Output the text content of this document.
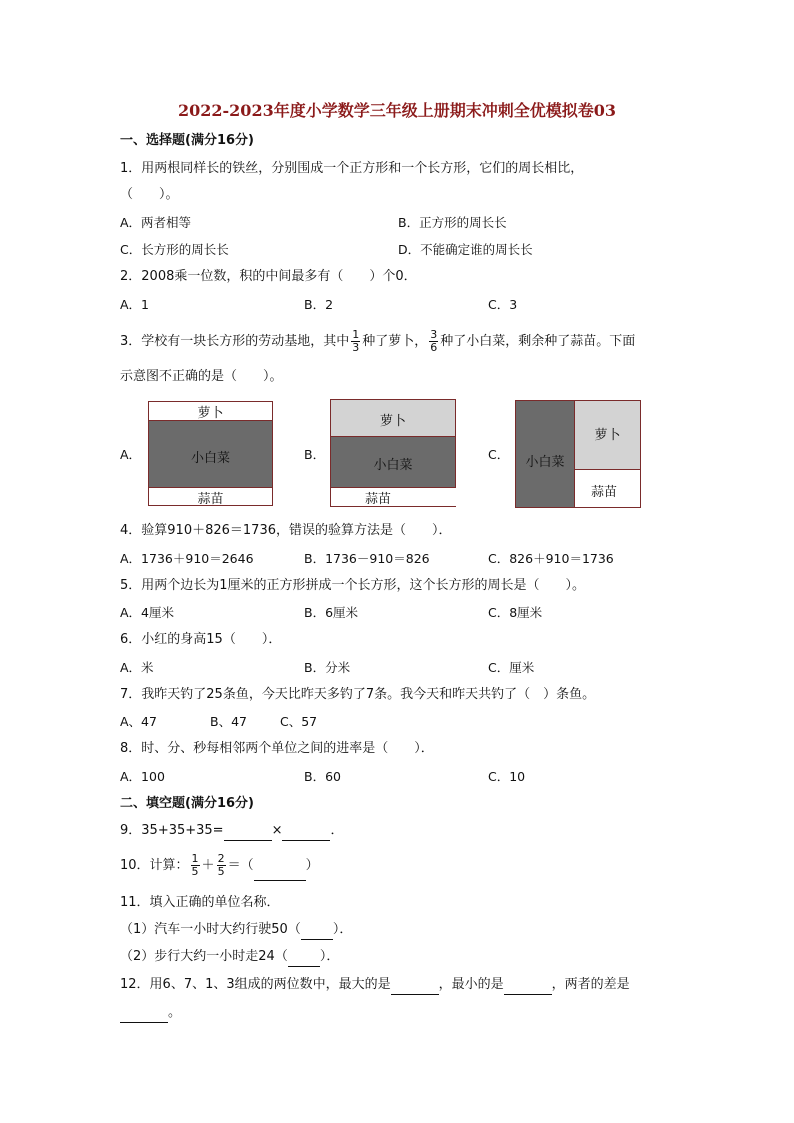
2022-2023年度小学数学三年级上册期末冲刺全优模拟卷03
一、选择题(满分16分)
1．用两根同样长的铁丝，分别围成一个正方形和一个长方形，它们的周长相比，
（　　）。
A．两者相等	B．正方形的周长长
C．长方形的周长长	D．不能确定谁的周长长
2．2008乘一位数，积的中间最多有（　　）个0．
A．1	B．2	C．3
3．学校有一块长方形的劳动基地，其中 $\frac{1}{3}$ 种了萝卜， $\frac{3}{6}$ 种了小白菜，剩余种了蒜苗。下面
示意图不正确的是（　　）。
A．	B．	C．
萝卜
小白菜
蒜苗
萝卜
小白菜
蒜苗
小白菜
萝卜
蒜苗
4．验算910＋826＝1736，错误的验算方法是（　　）．
A．1736＋910＝2646	B．1736－910＝826	C．826＋910＝1736
5．用两个边长为1厘米的正方形拼成一个长方形，这个长方形的周长是（　　）。
A．4厘米	B．6厘米	C．8厘米
6．小红的身高15（　　）．
A．米	B．分米	C．厘米
7．我昨天钓了25条鱼，今天比昨天多钓了7条。我今天和昨天共钓了（　）条鱼。
A、47	B、47	C、57
8．时、分、秒每相邻两个单位之间的进率是（　　）．
A．100	B．60	C．10
二、填空题(满分16分)
9．35+35+35=	×	．
10．计算： $\frac{1}{5} + \frac{2}{5}$ ＝（	）
11．填入正确的单位名称．
（1）汽车一小时大约行驶50（ ）．
（2）步行大约一小时走24（ ）．
12．用6、7、1、3组成的两位数中，最大的是	，最小的是	，两者的差是
。
